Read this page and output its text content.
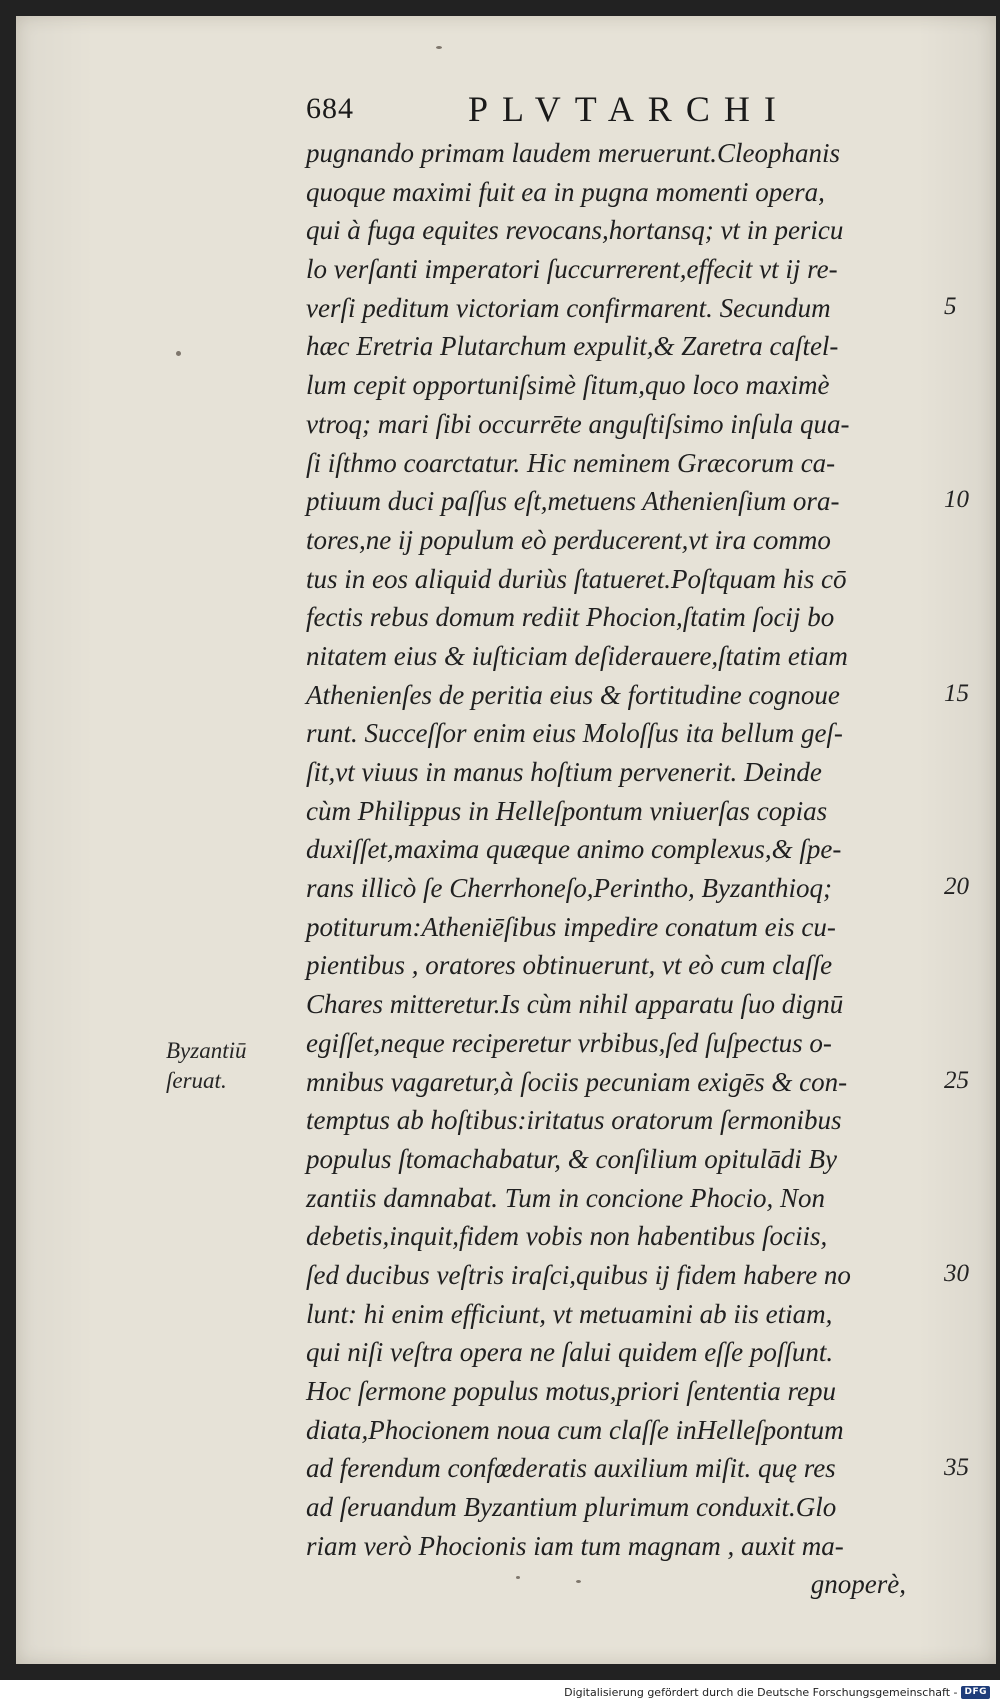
684	PLVTARCHI
Byzantiū
ſeruat.
pugnando primam laudem meruerunt.Cleophanis
quoque maximi fuit ea in pugna momenti opera,
qui à fuga equites revocans,hortansq; vt in pericu
lo verſanti imperatori ſuccurrerent,effecit vt ij re-
verſi peditum victoriam confirmarent. Secundum
hæc Eretria Plutarchum expulit,& Zaretra caſtel-
lum cepit opportuniſsimè ſitum,quo loco maximè
vtroq; mari ſibi occurrēte anguſtiſsimo inſula qua-
ſi iſthmo coarctatur. Hic neminem Græcorum ca-
ptiuum duci paſſus eſt,metuens Athenienſium ora-
tores,ne ij populum eò perducerent,vt ira commo
tus in eos aliquid duriùs ſtatueret.Poſtquam his cō
fectis rebus domum rediit Phocion,ſtatim ſocij bo
nitatem eius & iuſticiam deſiderauere,ſtatim etiam
Athenienſes de peritia eius & fortitudine cognoue
runt. Succeſſor enim eius Moloſſus ita bellum geſ-
ſit,vt viuus in manus hoſtium pervenerit. Deinde
cùm Philippus in Helleſpontum vniuerſas copias
duxiſſet,maxima quæque animo complexus,& ſpe-
rans illicò ſe Cherrhoneſo,Perintho, Byzanthioq;
potiturum:Atheniēſibus impedire conatum eis cu-
pientibus , oratores obtinuerunt, vt eò cum claſſe
Chares mitteretur.Is cùm nihil apparatu ſuo dignū
egiſſet,neque reciperetur vrbibus,ſed ſuſpectus o-
mnibus vagaretur,à ſociis pecuniam exigēs & con-
temptus ab hoſtibus:iritatus oratorum ſermonibus
populus ſtomachabatur, & conſilium opitulādi By
zantiis damnabat. Tum in concione Phocio, Non
debetis,inquit,fidem vobis non habentibus ſociis,
ſed ducibus veſtris iraſci,quibus ij fidem habere no
lunt: hi enim efficiunt, vt metuamini ab iis etiam,
qui niſi veſtra opera ne ſalui quidem eſſe poſſunt.
Hoc ſermone populus motus,priori ſententia repu
diata,Phocionem noua cum claſſe inHelleſpontum
ad ferendum confœderatis auxilium miſit. quę res
ad ſeruandum Byzantium plurimum conduxit.Glo
riam verò Phocionis iam tum magnam , auxit ma-
gnoperè,
5
10
15
20
25
30
35
Digitalisierung gefördert durch die Deutsche Forschungsgemeinschaft - DFG
